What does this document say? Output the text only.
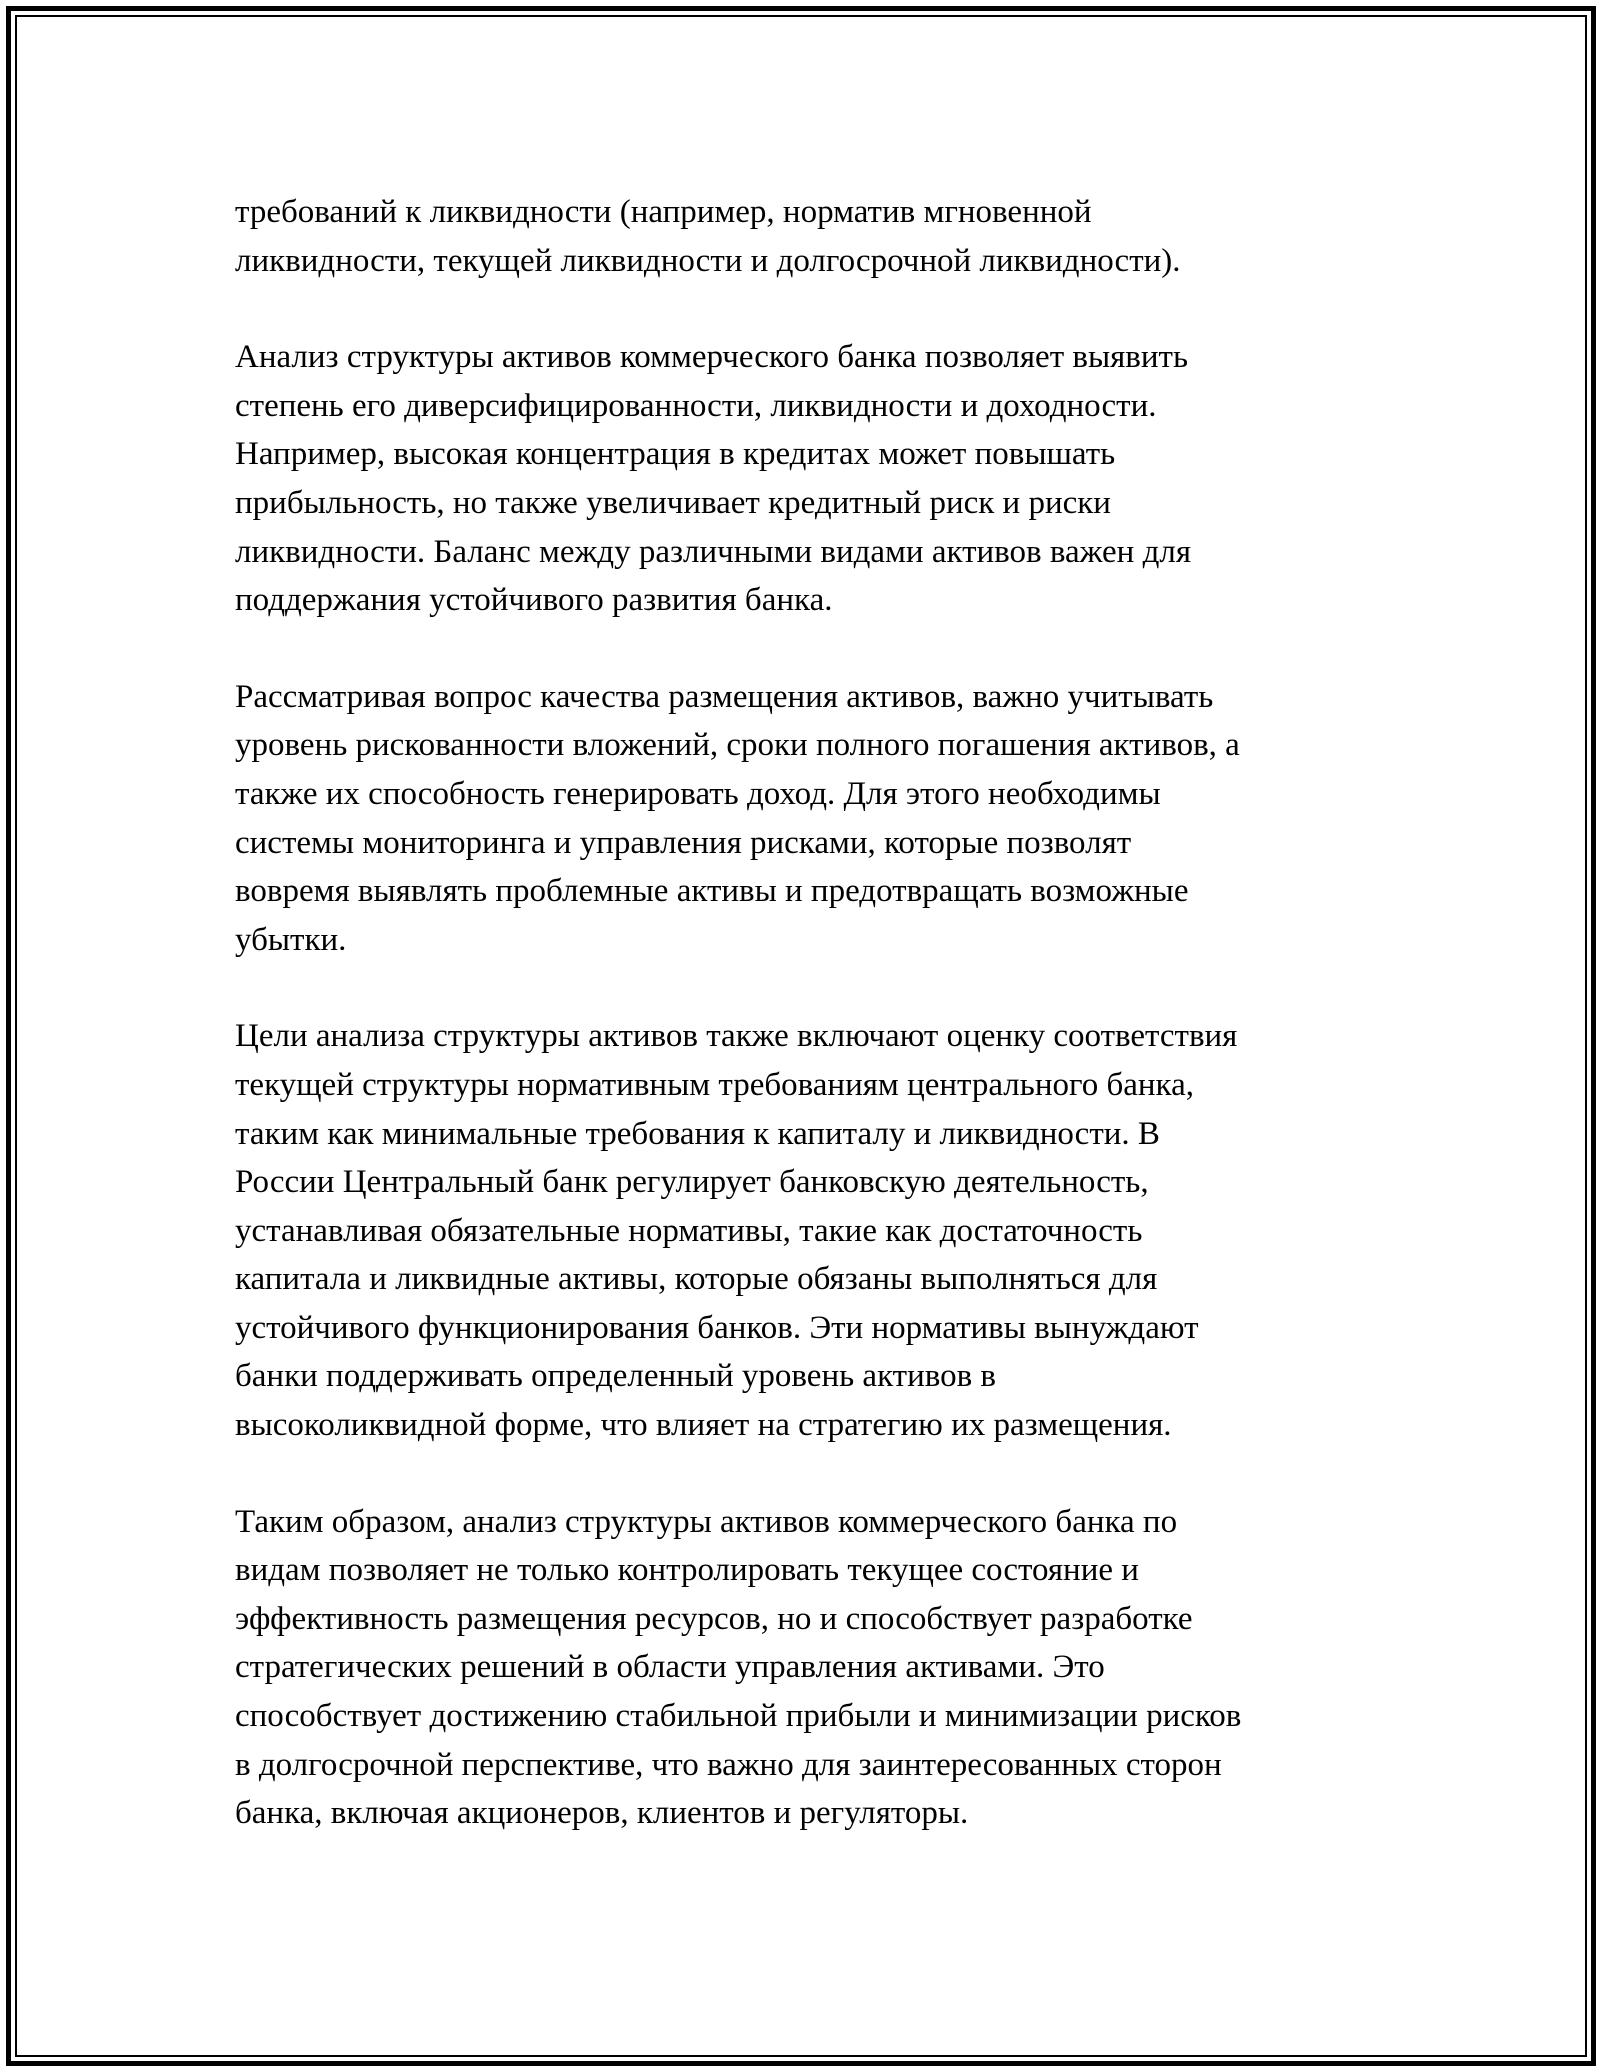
требований к ликвидности (например, норматив мгновенной
ликвидности, текущей ликвидности и долгосрочной ликвидности).

Анализ структуры активов коммерческого банка позволяет выявить
степень его диверсифицированности, ликвидности и доходности.
Например, высокая концентрация в кредитах может повышать
прибыльность, но также увеличивает кредитный риск и риски
ликвидности. Баланс между различными видами активов важен для
поддержания устойчивого развития банка.

Рассматривая вопрос качества размещения активов, важно учитывать
уровень рискованности вложений, сроки полного погашения активов, а
также их способность генерировать доход. Для этого необходимы
системы мониторинга и управления рисками, которые позволят
вовремя выявлять проблемные активы и предотвращать возможные
убытки.

Цели анализа структуры активов также включают оценку соответствия
текущей структуры нормативным требованиям центрального банка,
таким как минимальные требования к капиталу и ликвидности. В
России Центральный банк регулирует банковскую деятельность,
устанавливая обязательные нормативы, такие как достаточность
капитала и ликвидные активы, которые обязаны выполняться для
устойчивого функционирования банков. Эти нормативы вынуждают
банки поддерживать определенный уровень активов в
высоколиквидной форме, что влияет на стратегию их размещения.

Таким образом, анализ структуры активов коммерческого банка по
видам позволяет не только контролировать текущее состояние и
эффективность размещения ресурсов, но и способствует разработке
стратегических решений в области управления активами. Это
способствует достижению стабильной прибыли и минимизации рисков
в долгосрочной перспективе, что важно для заинтересованных сторон
банка, включая акционеров, клиентов и регуляторы.
